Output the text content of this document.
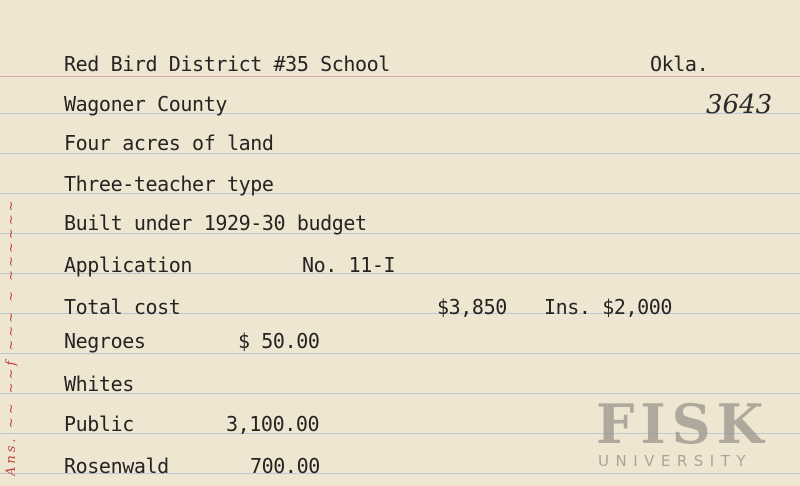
Ans. ~~ ~~f ~~~ ~ ~~~~~~
Red Bird District #35 School	Okla.
Wagoner County	3643
Four acres of land
Three-teacher type
Built under 1929-30 budget
Application	No. 11-I
Total cost	$3,850 Ins. $2,000
Negroes	$ 50.00
Whites
Public	3,100.00
Rosenwald	700.00
FISK
UNIVERSITY
